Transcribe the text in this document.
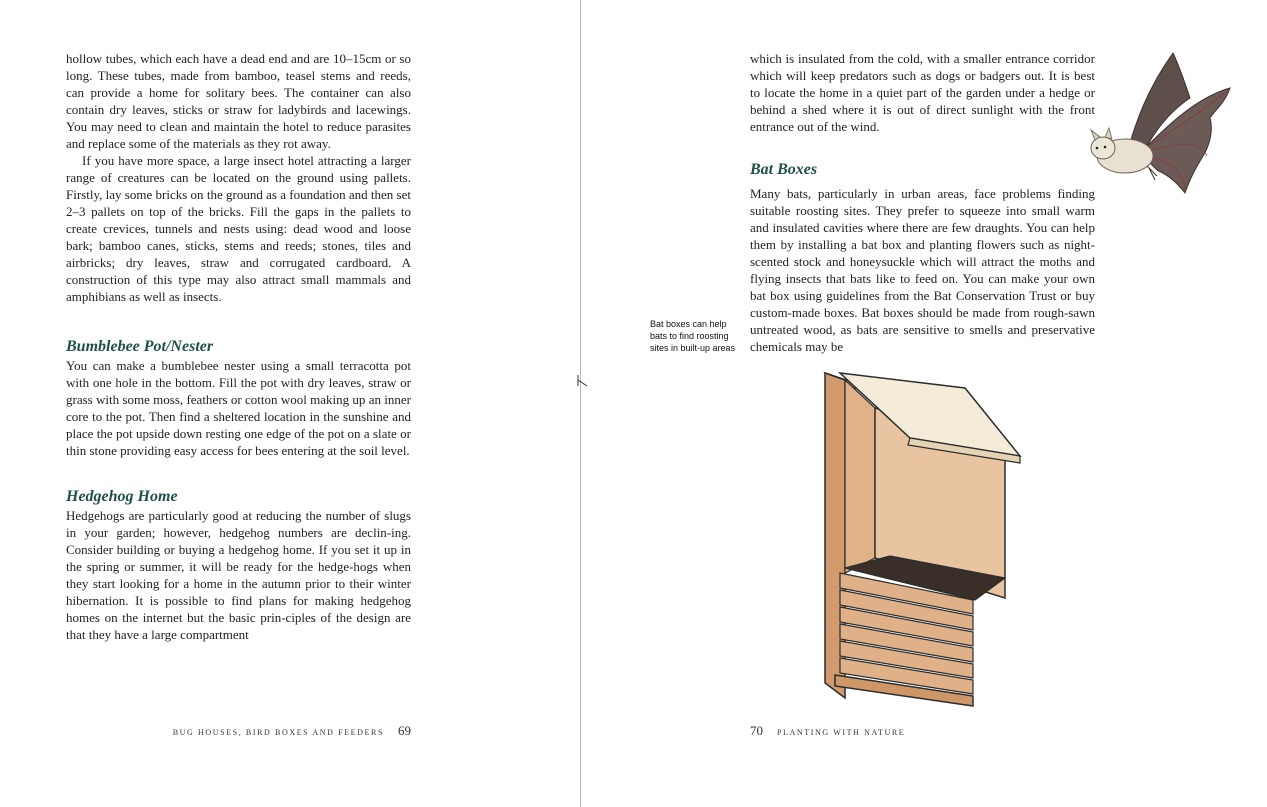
hollow tubes, which each have a dead end and are 10–15cm or so long. These tubes, made from bamboo, teasel stems and reeds, can provide a home for solitary bees. The container can also contain dry leaves, sticks or straw for ladybirds and lacewings. You may need to clean and maintain the hotel to reduce parasites and replace some of the materials as they rot away.

If you have more space, a large insect hotel attracting a larger range of creatures can be located on the ground using pallets. Firstly, lay some bricks on the ground as a foundation and then set 2–3 pallets on top of the bricks. Fill the gaps in the pallets to create crevices, tunnels and nests using: dead wood and loose bark; bamboo canes, sticks, stems and reeds; stones, tiles and airbricks; dry leaves, straw and corrugated cardboard. A construction of this type may also attract small mammals and amphibians as well as insects.

Bumblebee Pot/Nester

You can make a bumblebee nester using a small terracotta pot with one hole in the bottom. Fill the pot with dry leaves, straw or grass with some moss, feathers or cotton wool making up an inner core to the pot. Then find a sheltered location in the sunshine and place the pot upside down resting one edge of the pot on a slate or thin stone providing easy access for bees entering at the soil level.

Hedgehog Home

Hedgehogs are particularly good at reducing the number of slugs in your garden; however, hedgehog numbers are declin-ing. Consider building or buying a hedgehog home. If you set it up in the spring or summer, it will be ready for the hedge-hogs when they start looking for a home in the autumn prior to their winter hibernation. It is possible to find plans for making hedgehog homes on the internet but the basic prin-ciples of the design are that they have a large compartment

BUG HOUSES, BIRD BOXES AND FEEDERS 69

which is insulated from the cold, with a smaller entrance corridor which will keep predators such as dogs or badgers out. It is best to locate the home in a quiet part of the garden under a hedge or behind a shed where it is out of direct sunlight with the front entrance out of the wind.

Bat Boxes

Many bats, particularly in urban areas, face problems finding suitable roosting sites. They prefer to squeeze into small warm and insulated cavities where there are few draughts. You can help them by installing a bat box and planting flowers such as night-scented stock and honeysuckle which will attract the moths and flying insects that bats like to feed on. You can make your own bat box using guidelines from the Bat Conservation Trust or buy custom-made boxes. Bat boxes should be made from rough-sawn untreated wood, as bats are sensitive to smells and preservative chemicals may be

Bat boxes can help bats to find roosting sites in built-up areas
70 PLANTING WITH NATURE
